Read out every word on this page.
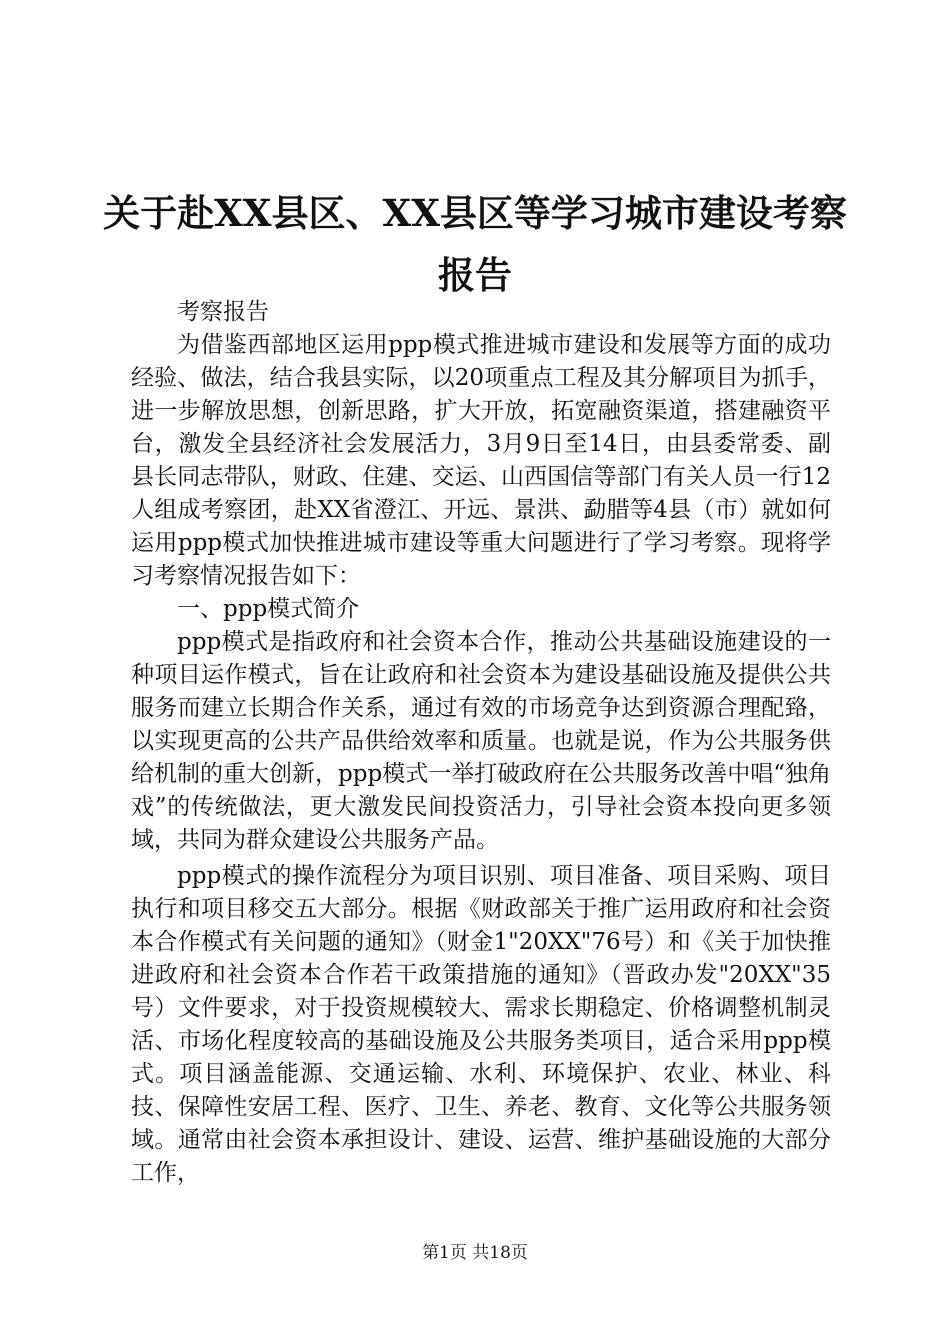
关于赴XX县区、XX县区等学习城市建设考察报告

考察报告

为借鉴西部地区运用ppp模式推进城市建设和发展等方面的成功经验、做法，结合我县实际，以20项重点工程及其分解项目为抓手，进一步解放思想，创新思路，扩大开放，拓宽融资渠道，搭建融资平台，激发全县经济社会发展活力，3月9日至14日，由县委常委、副县长同志带队，财政、住建、交运、山西国信等部门有关人员一行12人组成考察团，赴XX省澄江、开远、景洪、勐腊等4县（市）就如何运用ppp模式加快推进城市建设等重大问题进行了学习考察。现将学习考察情况报告如下：

一、ppp模式简介

ppp模式是指政府和社会资本合作，推动公共基础设施建设的一种项目运作模式，旨在让政府和社会资本为建设基础设施及提供公共服务而建立长期合作关系，通过有效的市场竞争达到资源合理配臵，以实现更高的公共产品供给效率和质量。也就是说，作为公共服务供给机制的重大创新，ppp模式一举打破政府在公共服务改善中唱“独角戏”的传统做法，更大激发民间投资活力，引导社会资本投向更多领域，共同为群众建设公共服务产品。

ppp模式的操作流程分为项目识别、项目准备、项目采购、项目执行和项目移交五大部分。根据《财政部关于推广运用政府和社会资本合作模式有关问题的通知》（财金1"20XX"76号）和《关于加快推进政府和社会资本合作若干政策措施的通知》（晋政办发"20XX"35号）文件要求，对于投资规模较大、需求长期稳定、价格调整机制灵活、市场化程度较高的基础设施及公共服务类项目，适合采用ppp模式。项目涵盖能源、交通运输、水利、环境保护、农业、林业、科技、保障性安居工程、医疗、卫生、养老、教育、文化等公共服务领域。通常由社会资本承担设计、建设、运营、维护基础设施的大部分工作，

第1页 共18页
